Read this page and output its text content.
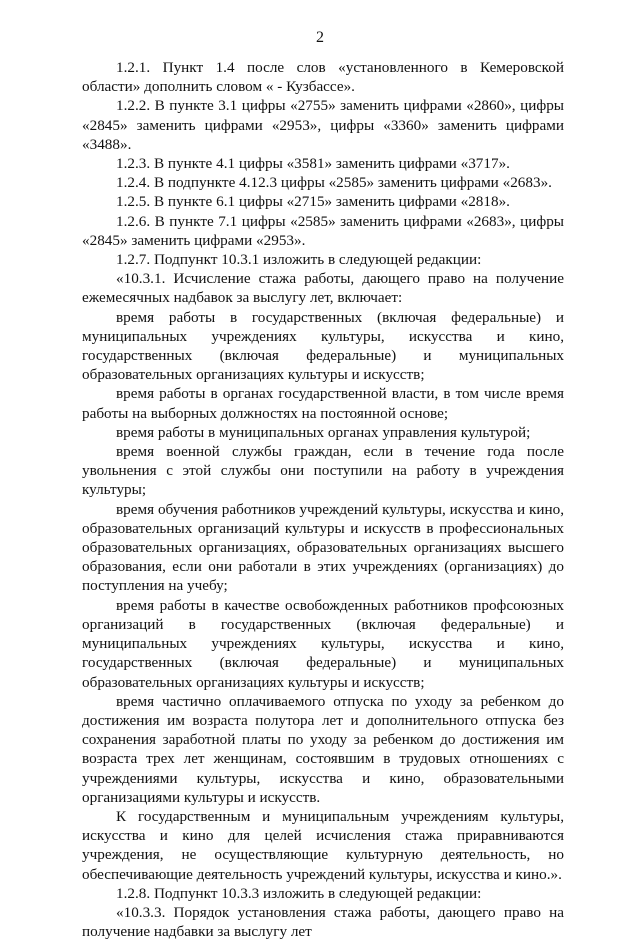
2

1.2.1. Пункт 1.4 после слов «установленного в Кемеровской области» дополнить словом « - Кузбассе».

1.2.2. В пункте 3.1 цифры «2755» заменить цифрами «2860», цифры «2845» заменить цифрами «2953», цифры «3360» заменить цифрами «3488».

1.2.3. В пункте 4.1 цифры «3581» заменить цифрами «3717».

1.2.4. В подпункте 4.12.3 цифры «2585» заменить цифрами «2683».

1.2.5. В пункте 6.1 цифры «2715» заменить цифрами «2818».

1.2.6. В пункте 7.1 цифры «2585» заменить цифрами «2683», цифры «2845» заменить цифрами «2953».

1.2.7. Подпункт 10.3.1 изложить в следующей редакции:

«10.3.1. Исчисление стажа работы, дающего право на получение ежемесячных надбавок за выслугу лет, включает:

время работы в государственных (включая федеральные) и муниципальных учреждениях культуры, искусства и кино, государственных (включая федеральные) и муниципальных образовательных организациях культуры и искусств;

время работы в органах государственной власти, в том числе время работы на выборных должностях на постоянной основе;

время работы в муниципальных органах управления культурой;

время военной службы граждан, если в течение года после увольнения с этой службы они поступили на работу в учреждения культуры;

время обучения работников учреждений культуры, искусства и кино, образовательных организаций культуры и искусств в профессиональных образовательных организациях, образовательных организациях высшего образования, если они работали в этих учреждениях (организациях) до поступления на учебу;

время работы в качестве освобожденных работников профсоюзных организаций в государственных (включая федеральные) и муниципальных учреждениях культуры, искусства и кино, государственных (включая федеральные) и муниципальных образовательных организациях культуры и искусств;

время частично оплачиваемого отпуска по уходу за ребенком до достижения им возраста полутора лет и дополнительного отпуска без сохранения заработной платы по уходу за ребенком до достижения им возраста трех лет женщинам, состоявшим в трудовых отношениях с учреждениями культуры, искусства и кино, образовательными организациями культуры и искусств.

К государственным и муниципальным учреждениям культуры, искусства и кино для целей исчисления стажа приравниваются учреждения, не осуществляющие культурную деятельность, но обеспечивающие деятельность учреждений культуры, искусства и кино.».

1.2.8. Подпункт 10.3.3 изложить в следующей редакции:

«10.3.3. Порядок установления стажа работы, дающего право на получение надбавки за выслугу лет
